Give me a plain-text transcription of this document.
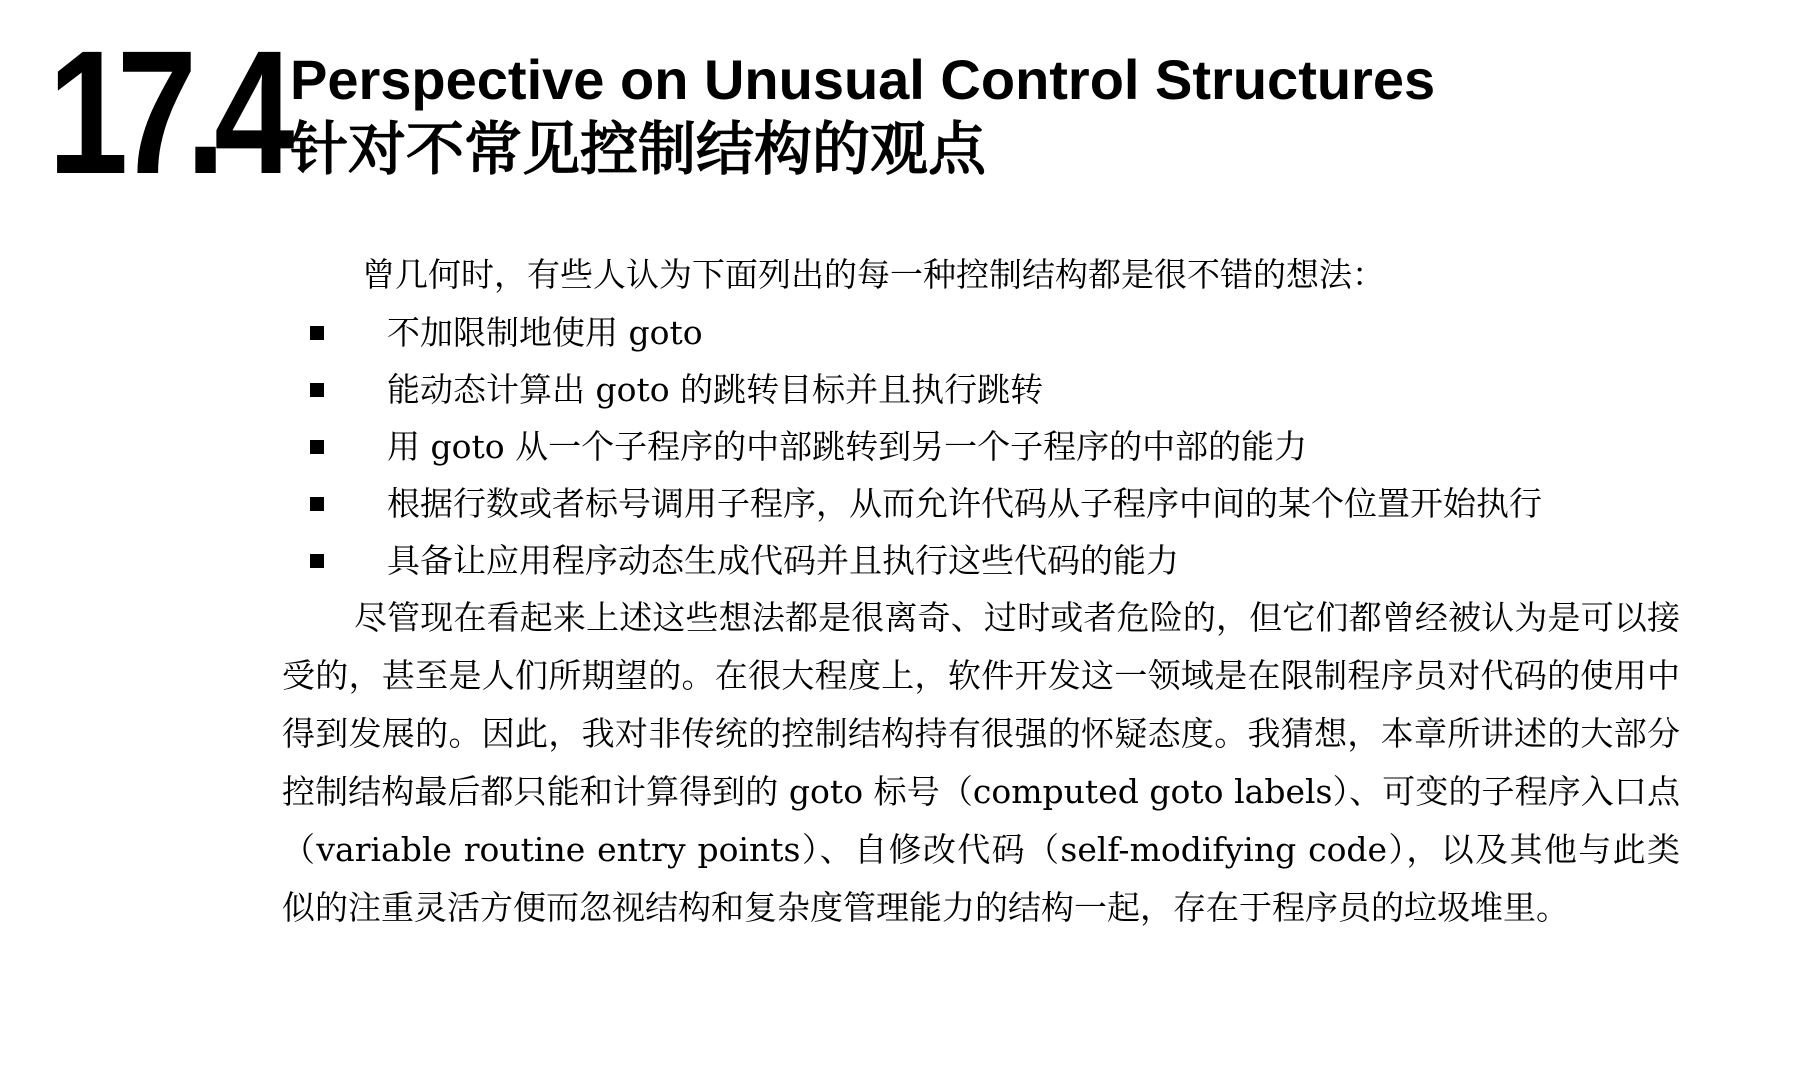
17.4 Perspective on Unusual Control Structures
针对不常见控制结构的观点

曾几何时，有些人认为下面列出的每一种控制结构都是很不错的想法：

不加限制地使用 goto
能动态计算出 goto 的跳转目标并且执行跳转
用 goto 从一个子程序的中部跳转到另一个子程序的中部的能力
根据行数或者标号调用子程序，从而允许代码从子程序中间的某个位置开始执行
具备让应用程序动态生成代码并且执行这些代码的能力

尽管现在看起来上述这些想法都是很离奇、过时或者危险的，但它们都曾经被认为是可以接受的，甚至是人们所期望的。在很大程度上，软件开发这一领域是在限制程序员对代码的使用中得到发展的。因此，我对非传统的控制结构持有很强的怀疑态度。我猜想，本章所讲述的大部分控制结构最后都只能和计算得到的 goto 标号（computed goto labels）、可变的子程序入口点（variable routine entry points）、自修改代码（self-modifying code），以及其他与此类似的注重灵活方便而忽视结构和复杂度管理能力的结构一起，存在于程序员的垃圾堆里。
